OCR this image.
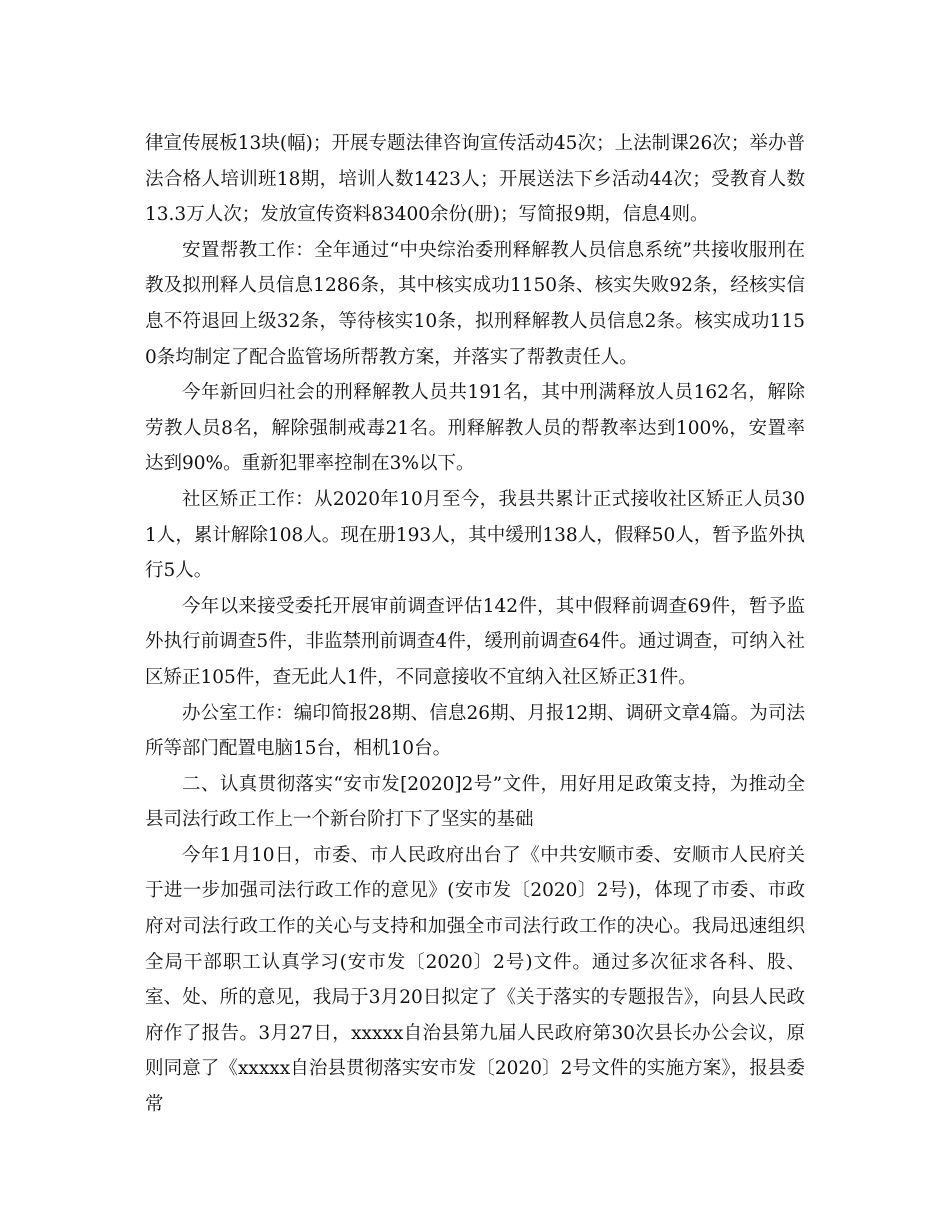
律宣传展板13块(幅)；开展专题法律咨询宣传活动45次；上法制课26次；举办普法合格人培训班18期，培训人数1423人；开展送法下乡活动44次；受教育人数13.3万人次；发放宣传资料83400余份(册)；写简报9期，信息4则。

安置帮教工作：全年通过“中央综治委刑释解教人员信息系统”共接收服刑在教及拟刑释人员信息1286条，其中核实成功1150条、核实失败92条，经核实信息不符退回上级32条，等待核实10条，拟刑释解教人员信息2条。核实成功1150条均制定了配合监管场所帮教方案，并落实了帮教责任人。

今年新回归社会的刑释解教人员共191名，其中刑满释放人员162名，解除劳教人员8名，解除强制戒毒21名。刑释解教人员的帮教率达到100%，安置率达到90%。重新犯罪率控制在3%以下。

社区矫正工作：从2020年10月至今，我县共累计正式接收社区矫正人员301人，累计解除108人。现在册193人，其中缓刑138人，假释50人，暂予监外执行5人。

今年以来接受委托开展审前调查评估142件，其中假释前调查69件，暂予监外执行前调查5件，非监禁刑前调查4件，缓刑前调查64件。通过调查，可纳入社区矫正105件，查无此人1件，不同意接收不宜纳入社区矫正31件。

办公室工作：编印简报28期、信息26期、月报12期、调研文章4篇。为司法所等部门配置电脑15台，相机10台。

二、认真贯彻落实“安市发[2020]2号”文件，用好用足政策支持，为推动全县司法行政工作上一个新台阶打下了坚实的基础

今年1月10日，市委、市人民政府出台了《中共安顺市委、安顺市人民府关于进一步加强司法行政工作的意见》(安市发〔2020〕2号)，体现了市委、市政府对司法行政工作的关心与支持和加强全市司法行政工作的决心。我局迅速组织全局干部职工认真学习(安市发〔2020〕2号)文件。通过多次征求各科、股、室、处、所的意见，我局于3月20日拟定了《关于落实的专题报告》，向县人民政府作了报告。3月27日，xxxxx自治县第九届人民政府第30次县长办公会议，原则同意了《xxxxx自治县贯彻落实安市发〔2020〕2号文件的实施方案》，报县委常
